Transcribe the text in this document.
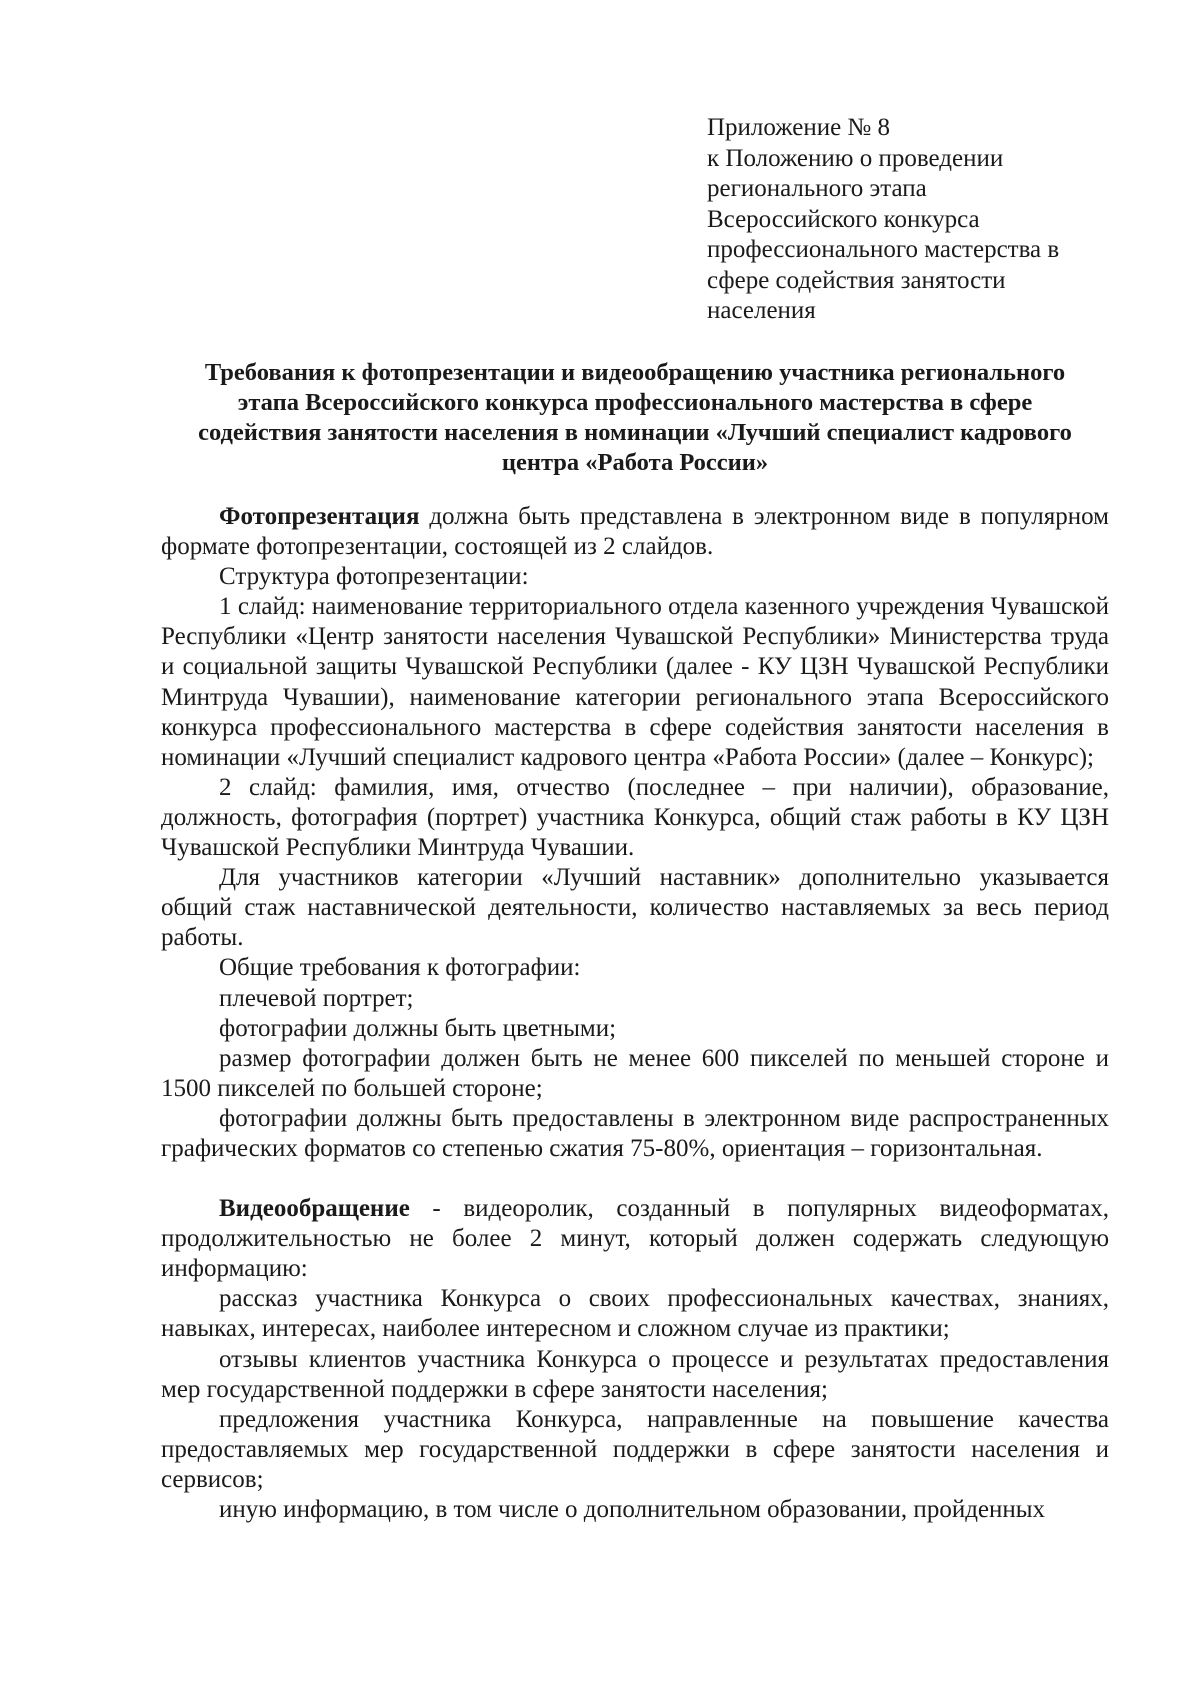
Приложение № 8
к Положению о проведении
регионального этапа
Всероссийского конкурса
профессионального мастерства в
сфере содействия занятости
населения
Требования к фотопрезентации и видеообращению участника регионального
этапа Всероссийского конкурса профессионального мастерства в сфере
содействия занятости населения в номинации «Лучший специалист кадрового
центра «Работа России»

Фотопрезентация должна быть представлена в электронном виде в популярном формате фотопрезентации, состоящей из 2 слайдов.

Структура фотопрезентации:

1 слайд: наименование территориального отдела казенного учреждения Чувашской Республики «Центр занятости населения Чувашской Республики» Министерства труда и социальной защиты Чувашской Республики (далее - КУ ЦЗН Чувашской Республики Минтруда Чувашии), наименование категории регионального этапа Всероссийского конкурса профессионального мастерства в сфере содействия занятости населения в номинации «Лучший специалист кадрового центра «Работа России» (далее – Конкурс);

2 слайд: фамилия, имя, отчество (последнее – при наличии), образование, должность, фотография (портрет) участника Конкурса, общий стаж работы в КУ ЦЗН Чувашской Республики Минтруда Чувашии.

Для участников категории «Лучший наставник» дополнительно указывается общий стаж наставнической деятельности, количество наставляемых за весь период работы.

Общие требования к фотографии:

плечевой портрет;

фотографии должны быть цветными;

размер фотографии должен быть не менее 600 пикселей по меньшей стороне и 1500 пикселей по большей стороне;

фотографии должны быть предоставлены в электронном виде распространенных графических форматов со степенью сжатия 75-80%, ориентация – горизонтальная.

Видеообращение - видеоролик, созданный в популярных видеоформатах, продолжительностью не более 2 минут, который должен содержать следующую информацию:

рассказ участника Конкурса о своих профессиональных качествах, знаниях, навыках, интересах, наиболее интересном и сложном случае из практики;

отзывы клиентов участника Конкурса о процессе и результатах предоставления мер государственной поддержки в сфере занятости населения;

предложения участника Конкурса, направленные на повышение качества предоставляемых мер государственной поддержки в сфере занятости населения и сервисов;

иную информацию, в том числе о дополнительном образовании, пройденных
